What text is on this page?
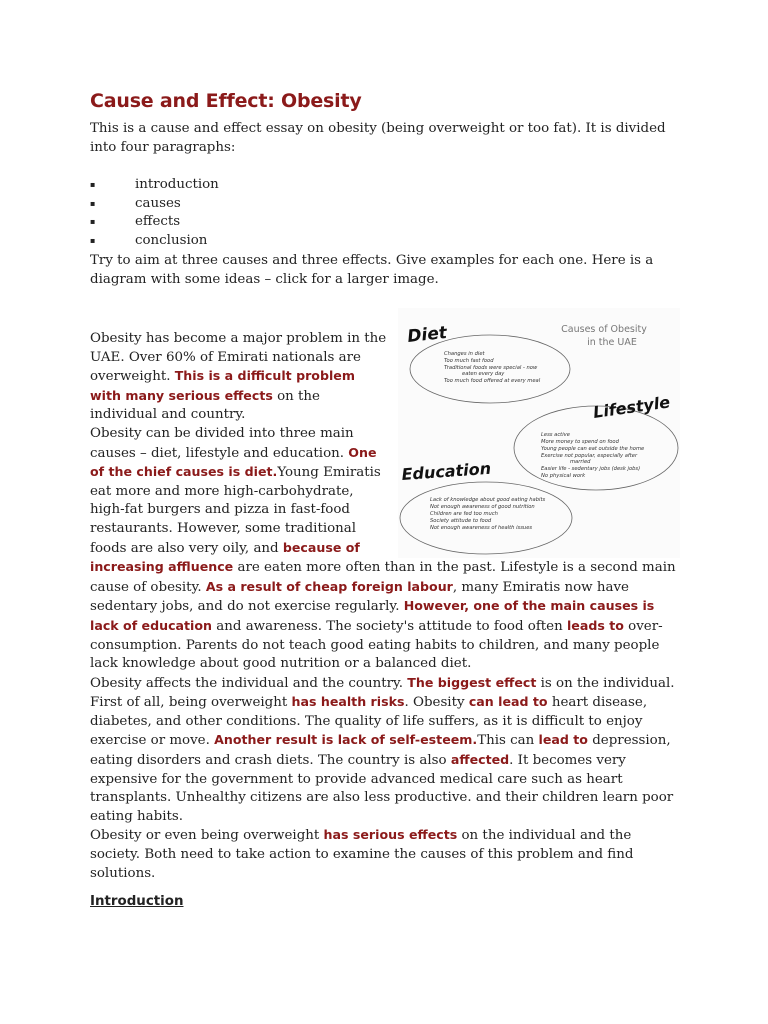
Cause and Effect: Obesity

This is a cause and effect essay on obesity (being overweight or too fat). It is divided into four paragraphs:

▪	introduction
▪	causes
▪	effects
▪	conclusion

Try to aim at three causes and three effects. Give examples for each one. Here is a diagram with some ideas – click for a larger image.

Causes of Obesity
in the UAE
Diet
Changes in diet
Too much fast food
Traditional foods were special - now
eaten every day
Too much food offered at every meal
Lifestyle
Less active
More money to spend on food
Young people can eat outside the home
Exercise not popular, especially after
married
Easier life - sedentary jobs (desk jobs)
No physical work
Education
Lack of knowledge about good eating habits
Not enough awareness of good nutrition
Children are fed too much
Society attitude to food
Not enough awareness of health issues
Obesity has become a major problem in the UAE. Over 60% of Emirati nationals are overweight. This is a difficult problem with many serious effects on the individual and country.
Obesity can be divided into three main causes – diet, lifestyle and education. One of the chief causes is diet.Young Emiratis eat more and more high-carbohydrate, high-fat burgers and pizza in fast-food restaurants. However, some traditional foods are also very oily, and because of increasing affluence are eaten more often than in the past. Lifestyle is a second main cause of obesity. As a result of cheap foreign labour, many Emiratis now have sedentary jobs, and do not exercise regularly. However, one of the main causes is lack of education and awareness. The society's attitude to food often leads to over-consumption. Parents do not teach good eating habits to children, and many people lack knowledge about good nutrition or a balanced diet.
Obesity affects the individual and the country. The biggest effect is on the individual. First of all, being overweight has health risks. Obesity can lead to heart disease, diabetes, and other conditions. The quality of life suffers, as it is difficult to enjoy exercise or move. Another result is lack of self-esteem.This can lead to depression, eating disorders and crash diets. The country is also affected. It becomes very expensive for the government to provide advanced medical care such as heart transplants. Unhealthy citizens are also less productive. and their children learn poor eating habits.
Obesity or even being overweight has serious effects on the individual and the society. Both need to take action to examine the causes of this problem and find solutions.
Introduction
